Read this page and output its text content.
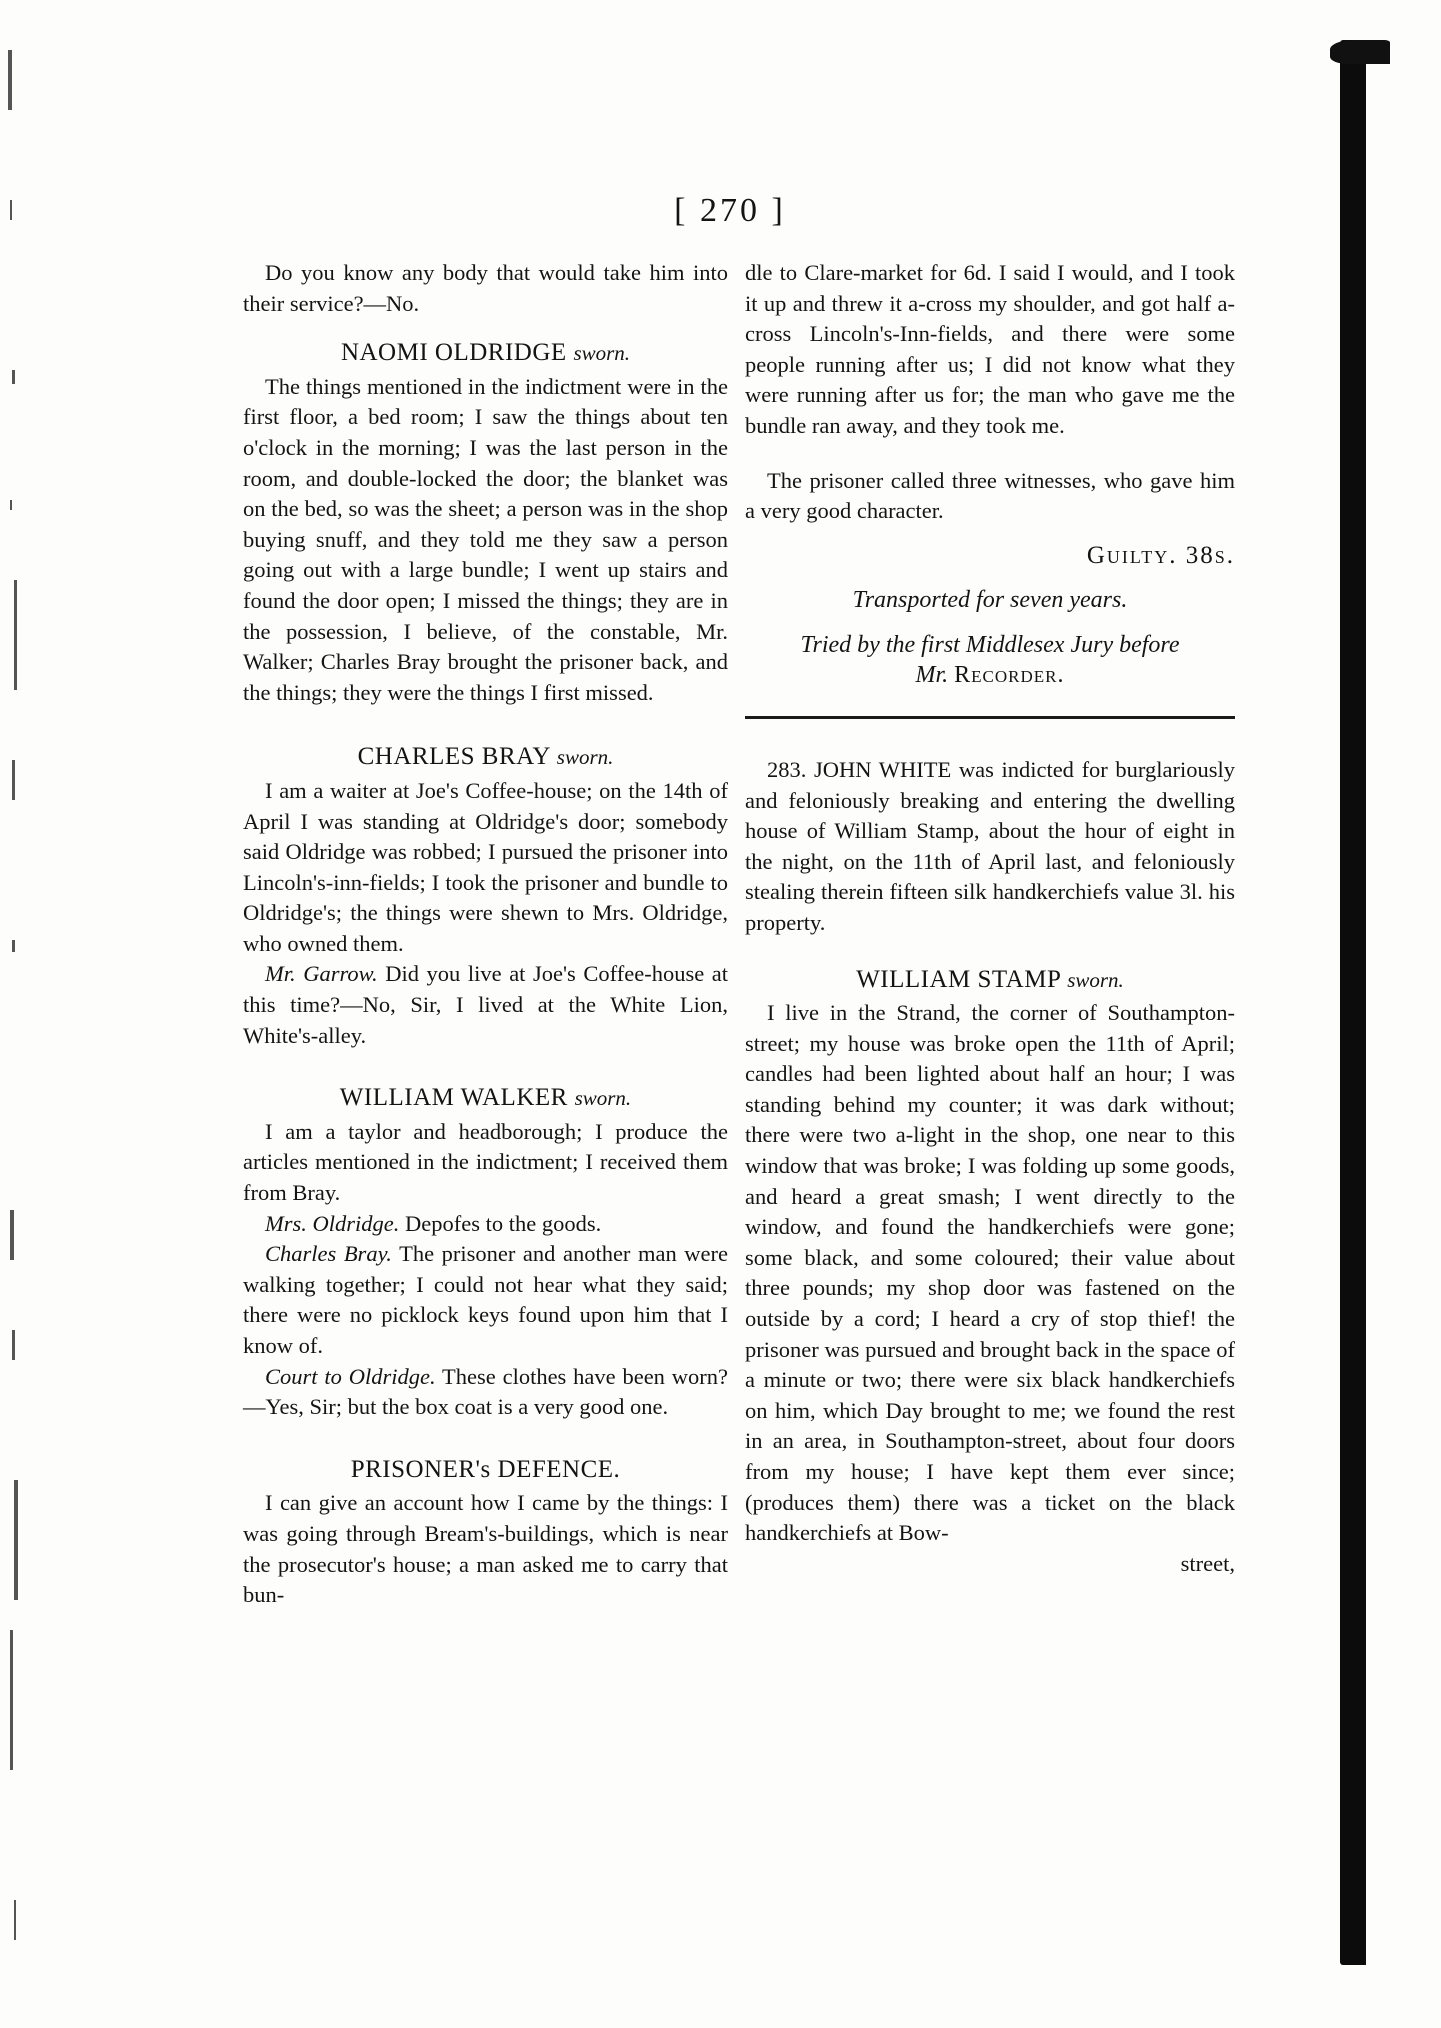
[ 270 ]

Do you know any body that would take him into their service?—No.

NAOMI OLDRIDGE sworn.

The things mentioned in the indictment were in the first floor, a bed room; I saw the things about ten o'clock in the morning; I was the last person in the room, and double-locked the door; the blanket was on the bed, so was the sheet; a person was in the shop buying snuff, and they told me they saw a person going out with a large bundle; I went up stairs and found the door open; I missed the things; they are in the possession, I believe, of the constable, Mr. Walker; Charles Bray brought the prisoner back, and the things; they were the things I first missed.

CHARLES BRAY sworn.

I am a waiter at Joe's Coffee-house; on the 14th of April I was standing at Oldridge's door; somebody said Oldridge was robbed; I pursued the prisoner into Lincoln's-inn-fields; I took the prisoner and bundle to Oldridge's; the things were shewn to Mrs. Oldridge, who owned them.

Mr. Garrow. Did you live at Joe's Coffee-house at this time?—No, Sir, I lived at the White Lion, White's-alley.

WILLIAM WALKER sworn.

I am a taylor and headborough; I produce the articles mentioned in the indictment; I received them from Bray.

Mrs. Oldridge. Depofes to the goods.

Charles Bray. The prisoner and another man were walking together; I could not hear what they said; there were no picklock keys found upon him that I know of.

Court to Oldridge. These clothes have been worn?—Yes, Sir; but the box coat is a very good one.

PRISONER's DEFENCE.

I can give an account how I came by the things: I was going through Bream's-buildings, which is near the prosecutor's house; a man asked me to carry that bun-

dle to Clare-market for 6d. I said I would, and I took it up and threw it a-cross my shoulder, and got half a-cross Lincoln's-Inn-fields, and there were some people running after us; I did not know what they were running after us for; the man who gave me the bundle ran away, and they took me.

The prisoner called three witnesses, who gave him a very good character.

Guilty. 38s.
Transported for seven years.
Tried by the first Middlesex Jury before
Mr. Recorder.

283. JOHN WHITE was indicted for burglariously and feloniously breaking and entering the dwelling house of William Stamp, about the hour of eight in the night, on the 11th of April last, and feloniously stealing therein fifteen silk handkerchiefs value 3l. his property.

WILLIAM STAMP sworn.

I live in the Strand, the corner of Southampton-street; my house was broke open the 11th of April; candles had been lighted about half an hour; I was standing behind my counter; it was dark without; there were two a-light in the shop, one near to this window that was broke; I was folding up some goods, and heard a great smash; I went directly to the window, and found the handkerchiefs were gone; some black, and some coloured; their value about three pounds; my shop door was fastened on the outside by a cord; I heard a cry of stop thief! the prisoner was pursued and brought back in the space of a minute or two; there were six black handkerchiefs on him, which Day brought to me; we found the rest in an area, in Southampton-street, about four doors from my house; I have kept them ever since; (produces them) there was a ticket on the black handkerchiefs at Bow-

street,
